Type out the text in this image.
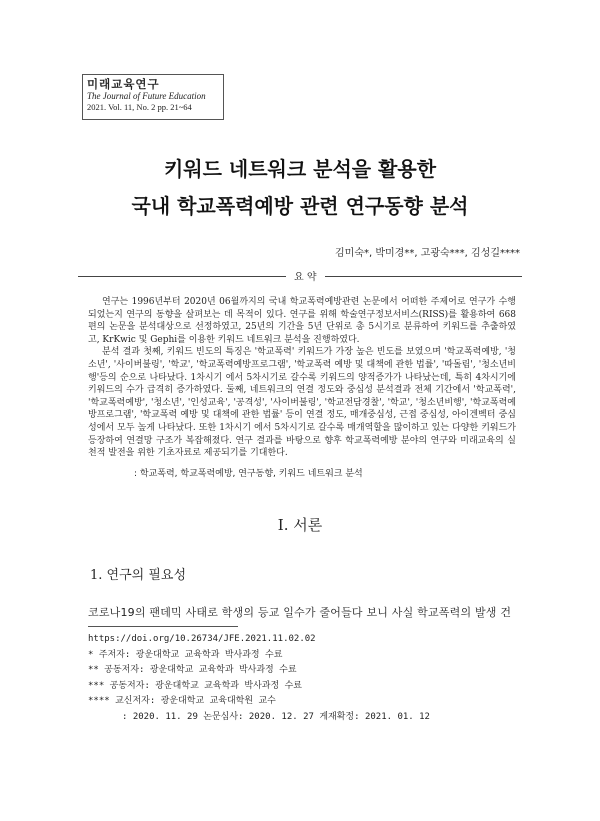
미래교육연구
The Journal of Future Education
2021. Vol. 11, No. 2 pp. 21~64
키워드 네트워크 분석을 활용한
국내 학교폭력예방 관련 연구동향 분석
김미숙*, 박미경**, 고광숙***, 김성길****
요 약

연구는 1996년부터 2020년 06월까지의 국내 학교폭력예방관련 논문에서 어떠한 주제어로 연구가 수행되었는지 연구의 동향을 살펴보는 데 목적이 있다. 연구를 위해 학술연구정보서비스(RISS)를 활용하여 668편의 논문을 분석대상으로 선정하였고, 25년의 기간을 5년 단위로 총 5시기로 분류하여 키워드를 추출하였고, KrKwic 및 Gephi를 이용한 키워드 네트워크 분석을 진행하였다.

분석 결과 첫째, 키워드 빈도의 특징은 '학교폭력' 키워드가 가장 높은 빈도를 보였으며 '학교폭력예방, '청소년', '사이버불링', '학교', '학교폭력예방프로그램', '학교폭력 예방 및 대책에 관한 법률', '따돌림', '청소년비행'등의 순으로 나타났다. 1차시기 에서 5차시기로 갈수록 키워드의 양적증가가 나타났는데, 특히 4차시기에 키워드의 수가 급격히 증가하였다. 둘째, 네트워크의 연결 정도와 중심성 분석결과 전체 기간에서 '학교폭력', '학교폭력예방', '청소년', '인성교육', '공격성', '사이버불링', '학교전담경찰', '학교', '청소년비행', '학교폭력예방프로그램', '학교폭력 예방 및 대책에 관한 법률' 등이 연결 정도, 매개중심성, 근접 중심성, 아이겐벡터 중심성에서 모두 높게 나타났다. 또한 1차시기 에서 5차시기로 갈수록 매개역할을 많이하고 있는 다양한 키워드가 등장하여 연결망 구조가 복잡해졌다. 연구 결과를 바탕으로 향후 학교폭력예방 분야의 연구와 미래교육의 실천적 발전을 위한 기초자료로 제공되기를 기대한다.

: 학교폭력, 학교폭력예방, 연구동향, 키워드 네트워크 분석
Ⅰ. 서론
1. 연구의 필요성
코로나19의 팬데믹 사태로 학생의 등교 일수가 줄어들다 보니 사실 학교폭력의 발생 건
https://doi.org/10.26734/JFE.2021.11.02.02
* 주저자: 광운대학교 교육학과 박사과정 수료
** 공동저자: 광운대학교 교육학과 박사과정 수료
*** 공동저자: 광운대학교 교육학과 박사과정 수료
**** 교신저자: 광운대학교 교육대학원 교수
: 2020. 11. 29 논문심사: 2020. 12. 27 게재확정: 2021. 01. 12
